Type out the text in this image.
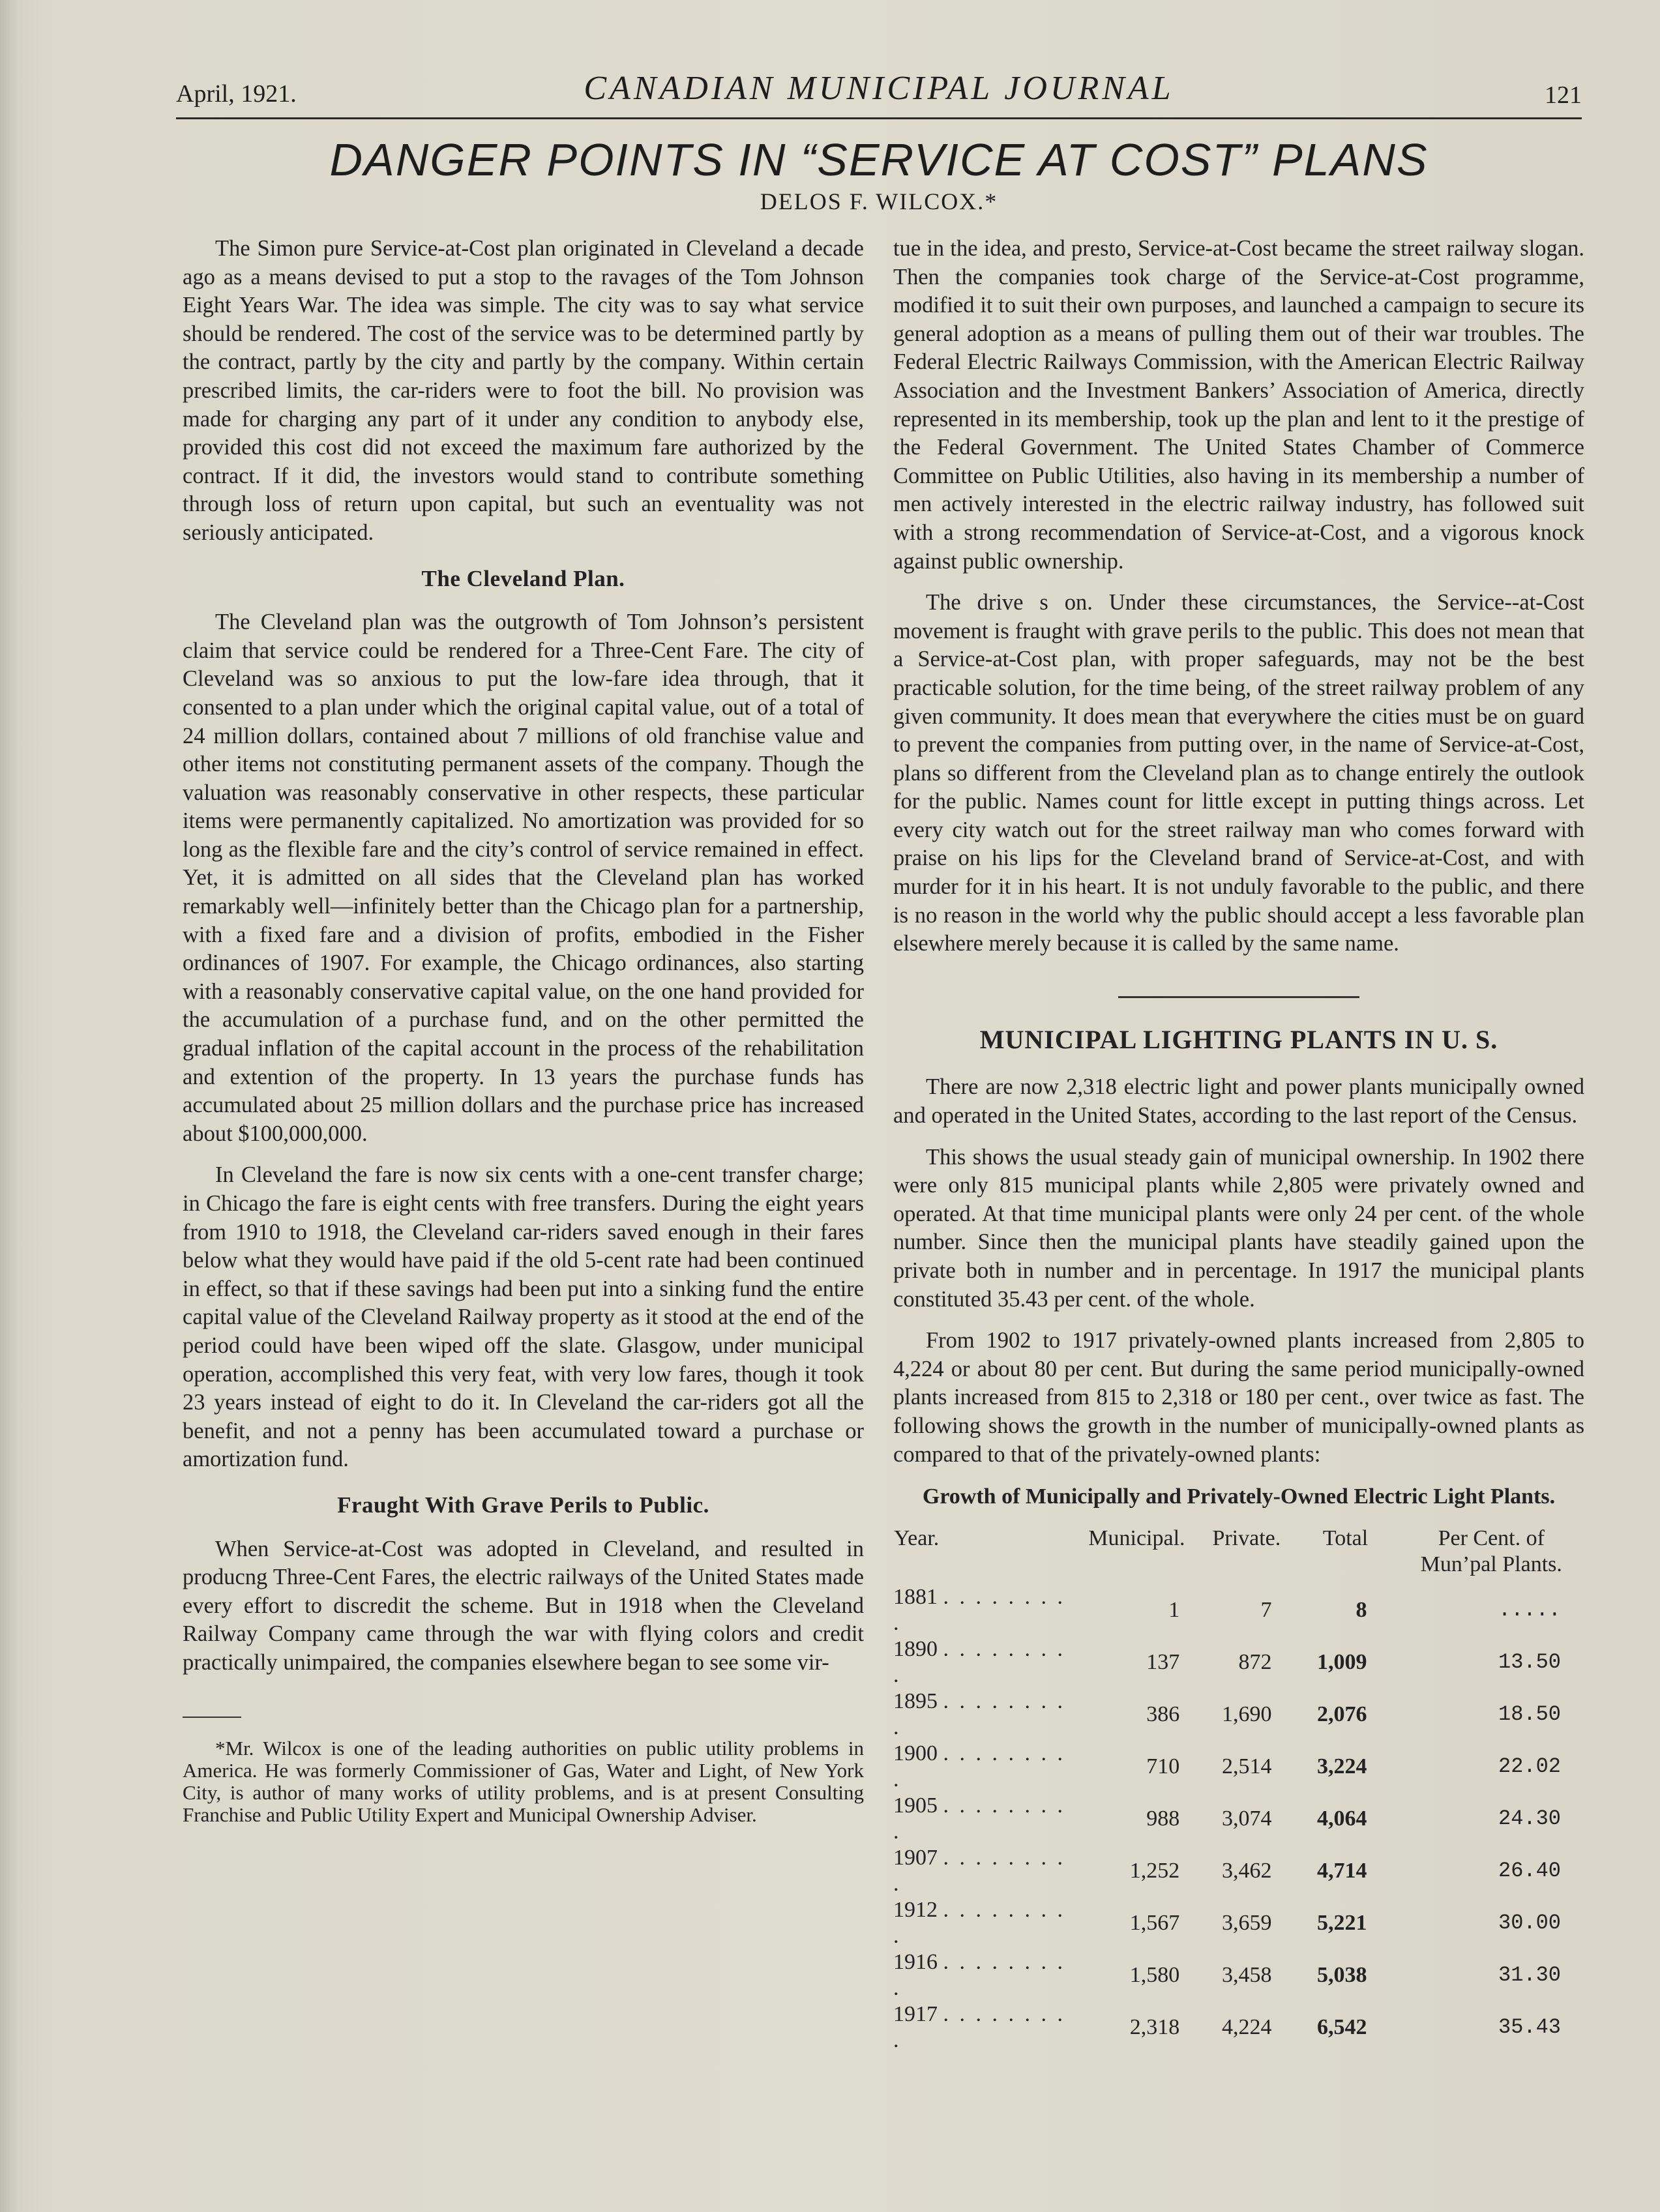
April, 1921.	CANADIAN MUNICIPAL JOURNAL	121
DANGER POINTS IN “SERVICE AT COST” PLANS
DELOS F. WILCOX.*

The Simon pure Service-at-Cost plan originated in Cleveland a decade ago as a means devised to put a stop to the ravages of the Tom Johnson Eight Years War. The idea was simple. The city was to say what service should be rendered. The cost of the service was to be determined partly by the contract, partly by the city and partly by the company. Within certain prescribed limits, the car-riders were to foot the bill. No provision was made for charging any part of it under any condition to anybody else, provided this cost did not exceed the maximum fare authorized by the contract. If it did, the investors would stand to contribute something through loss of return upon capital, but such an eventuality was not seriously anticipated.

The Cleveland Plan.

The Cleveland plan was the outgrowth of Tom Johnson’s persistent claim that service could be rendered for a Three-Cent Fare. The city of Cleveland was so anxious to put the low-fare idea through, that it consented to a plan under which the original capital value, out of a total of 24 million dollars, contained about 7 millions of old franchise value and other items not constituting permanent assets of the company. Though the valuation was reasonably conservative in other respects, these particular items were permanently capitalized. No amortization was provided for so long as the flexible fare and the city’s control of service remained in effect. Yet, it is admitted on all sides that the Cleveland plan has worked remarkably well—infinitely better than the Chicago plan for a partnership, with a fixed fare and a division of profits, embodied in the Fisher ordinances of 1907. For example, the Chicago ordinances, also starting with a reasonably conservative capital value, on the one hand provided for the accumulation of a purchase fund, and on the other permitted the gradual inflation of the capital account in the process of the rehabilitation and extention of the property. In 13 years the purchase funds has accumulated about 25 million dollars and the purchase price has increased about $100,000,000.

In Cleveland the fare is now six cents with a one-cent transfer charge; in Chicago the fare is eight cents with free transfers. During the eight years from 1910 to 1918, the Cleveland car-riders saved enough in their fares below what they would have paid if the old 5-cent rate had been continued in effect, so that if these savings had been put into a sinking fund the entire capital value of the Cleveland Railway property as it stood at the end of the period could have been wiped off the slate. Glasgow, under municipal operation, accomplished this very feat, with very low fares, though it took 23 years instead of eight to do it. In Cleveland the car-riders got all the benefit, and not a penny has been accumulated toward a purchase or amortization fund.

Fraught With Grave Perils to Public.

When Service-at-Cost was adopted in Cleveland, and resulted in producng Three-Cent Fares, the electric railways of the United States made every effort to discredit the scheme. But in 1918 when the Cleveland Railway Company came through the war with flying colors and credit practically unimpaired, the companies elsewhere began to see some vir-

*Mr. Wilcox is one of the leading authorities on public utility problems in America. He was formerly Commissioner of Gas, Water and Light, of New York City, is author of many works of utility problems, and is at present Consulting Franchise and Public Utility Expert and Municipal Ownership Adviser.

tue in the idea, and presto, Service-at-Cost became the street railway slogan. Then the companies took charge of the Service-at-Cost programme, modified it to suit their own purposes, and launched a campaign to secure its general adoption as a means of pulling them out of their war troubles. The Federal Electric Railways Commission, with the American Electric Railway Association and the Investment Bankers’ Association of America, directly represented in its membership, took up the plan and lent to it the prestige of the Federal Government. The United States Chamber of Commerce Committee on Public Utilities, also having in its membership a number of men actively interested in the electric railway industry, has followed suit with a strong recommendation of Service-at-Cost, and a vigorous knock against public ownership.

The drive s on. Under these circumstances, the Service--at-Cost movement is fraught with grave perils to the public. This does not mean that a Service-at-Cost plan, with proper safeguards, may not be the best practicable solution, for the time being, of the street railway problem of any given community. It does mean that everywhere the cities must be on guard to prevent the companies from putting over, in the name of Service-at-Cost, plans so different from the Cleveland plan as to change entirely the outlook for the public. Names count for little except in putting things across. Let every city watch out for the street railway man who comes forward with praise on his lips for the Cleveland brand of Service-at-Cost, and with murder for it in his heart. It is not unduly favorable to the public, and there is no reason in the world why the public should accept a less favorable plan elsewhere merely because it is called by the same name.

MUNICIPAL LIGHTING PLANTS IN U. S.

There are now 2,318 electric light and power plants municipally owned and operated in the United States, according to the last report of the Census.

This shows the usual steady gain of municipal ownership. In 1902 there were only 815 municipal plants while 2,805 were privately owned and operated. At that time municipal plants were only 24 per cent. of the whole number. Since then the municipal plants have steadily gained upon the private both in number and in percentage. In 1917 the municipal plants constituted 35.43 per cent. of the whole.

From 1902 to 1917 privately-owned plants increased from 2,805 to 4,224 or about 80 per cent. But during the same period municipally-owned plants increased from 815 to 2,318 or 180 per cent., over twice as fast. The following shows the growth in the number of municipally-owned plants as compared to that of the privately-owned plants:

Growth of Municipally and Privately-Owned Electric Light Plants.
Year.	Municipal.	Private.	Total	Per Cent. of
Mun’pal Plants.
1881 . . . . . . . . .	1	7	8	.....
1890 . . . . . . . . .	137	872	1,009	13.50
1895 . . . . . . . . .	386	1,690	2,076	18.50
1900 . . . . . . . . .	710	2,514	3,224	22.02
1905 . . . . . . . . .	988	3,074	4,064	24.30
1907 . . . . . . . . .	1,252	3,462	4,714	26.40
1912 . . . . . . . . .	1,567	3,659	5,221	30.00
1916 . . . . . . . . .	1,580	3,458	5,038	31.30
1917 . . . . . . . . .	2,318	4,224	6,542	35.43
